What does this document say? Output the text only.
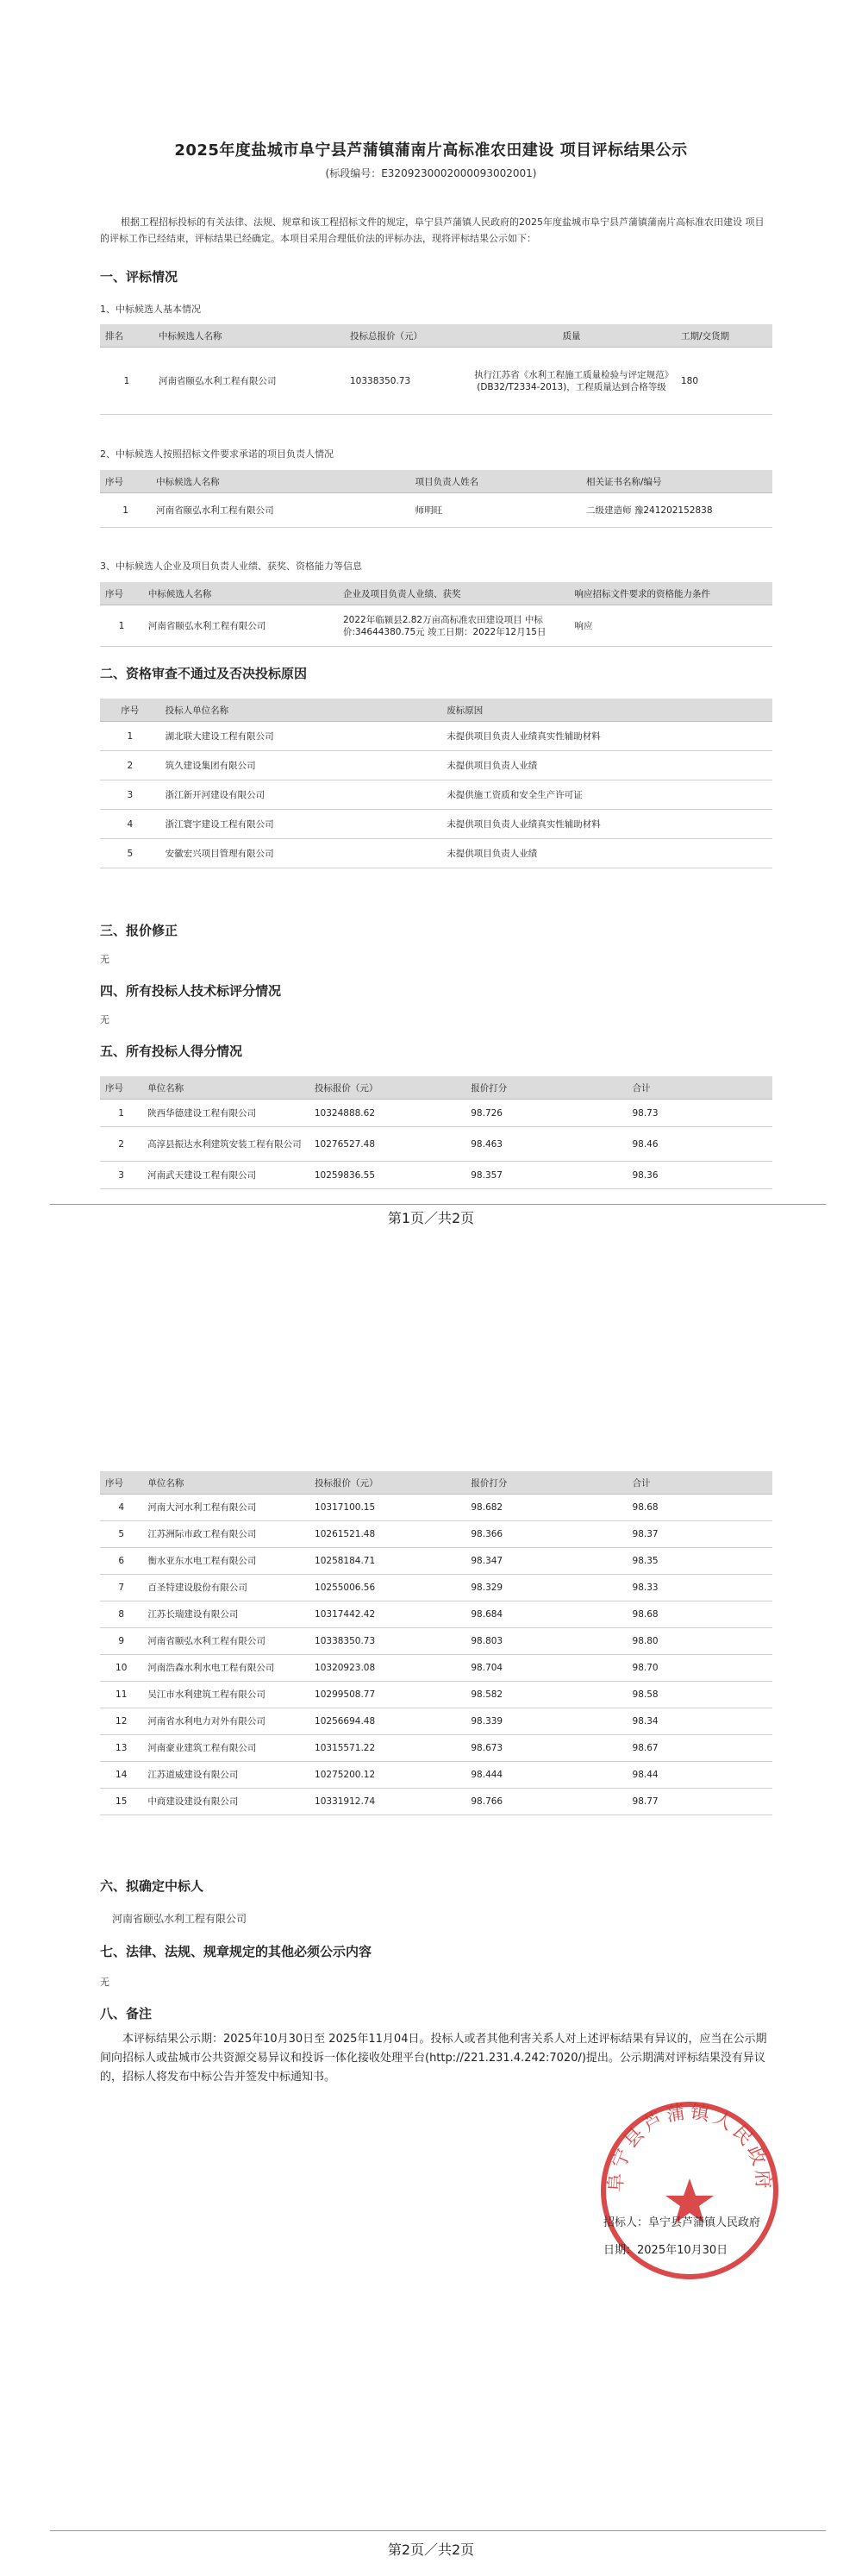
2025年度盐城市阜宁县芦蒲镇蒲南片高标准农田建设 项目评标结果公示
(标段编号：E3209230002000093002001)
根据工程招标投标的有关法律、法规、规章和该工程招标文件的规定，阜宁县芦蒲镇人民政府的2025年度盐城市阜宁县芦蒲镇蒲南片高标准农田建设 项目的评标工作已经结束，评标结果已经确定。本项目采用合理低价法的评标办法，现将评标结果公示如下：
一、评标情况
1、中标候选人基本情况
排名	中标候选人名称	投标总报价（元）	质量	工期/交货期
1	河南省颐弘水利工程有限公司	10338350.73	执行江苏省《水利工程施工质量检验与评定规范》(DB32/T2334-2013)，工程质量达到合格等级	180
2、中标候选人按照招标文件要求承诺的项目负责人情况
序号	中标候选人名称	项目负责人姓名	相关证书名称/编号
1	河南省颐弘水利工程有限公司	师明旺	二级建造师 豫241202152838
3、中标候选人企业及项目负责人业绩、获奖、资格能力等信息
序号	中标候选人名称	企业及项目负责人业绩、获奖	响应招标文件要求的资格能力条件
1	河南省颐弘水利工程有限公司	2022年临颍县2.82万亩高标准农田建设项目 中标价:34644380.75元 竣工日期：2022年12月15日	响应
二、资格审查不通过及否决投标原因
序号	投标人单位名称	废标原因
1	湖北联大建设工程有限公司	未提供项目负责人业绩真实性辅助材料
2	筑久建设集团有限公司	未提供项目负责人业绩
3	浙江新开河建设有限公司	未提供施工资质和安全生产许可证
4	浙江寰宇建设工程有限公司	未提供项目负责人业绩真实性辅助材料
5	安徽宏兴项目管理有限公司	未提供项目负责人业绩
三、报价修正
无
四、所有投标人技术标评分情况
无
五、所有投标人得分情况
序号	单位名称	投标报价（元）	报价打分	合计
1	陕西华德建设工程有限公司	10324888.62	98.726	98.73
2	高淳县振达水利建筑安装工程有限公司	10276527.48	98.463	98.46
3	河南武天建设工程有限公司	10259836.55	98.357	98.36
第1页／共2页
序号	单位名称	投标报价（元）	报价打分	合计
4	河南大河水利工程有限公司	10317100.15	98.682	98.68
5	江苏洲际市政工程有限公司	10261521.48	98.366	98.37
6	衡水亚东水电工程有限公司	10258184.71	98.347	98.35
7	百圣特建设股份有限公司	10255006.56	98.329	98.33
8	江苏长瑞建设有限公司	10317442.42	98.684	98.68
9	河南省颐弘水利工程有限公司	10338350.73	98.803	98.80
10	河南浩森水利水电工程有限公司	10320923.08	98.704	98.70
11	吴江市水利建筑工程有限公司	10299508.77	98.582	98.58
12	河南省水利电力对外有限公司	10256694.48	98.339	98.34
13	河南豪业建筑工程有限公司	10315571.22	98.673	98.67
14	江苏道威建设有限公司	10275200.12	98.444	98.44
15	中商建设建设有限公司	10331912.74	98.766	98.77
六、拟确定中标人
河南省颐弘水利工程有限公司
七、法律、法规、规章规定的其他必须公示内容
无
八、备注
本评标结果公示期：2025年10月30日至 2025年11月04日。投标人或者其他利害关系人对上述评标结果有异议的，应当在公示期间向招标人或盐城市公共资源交易异议和投诉一体化接收处理平台(http://221.231.4.242:7020/)提出。公示期满对评标结果没有异议的，招标人将发布中标公告并签发中标通知书。
阜宁县芦蒲镇人民政府
招标人：阜宁县芦蒲镇人民政府
日期：2025年10月30日
第2页／共2页
